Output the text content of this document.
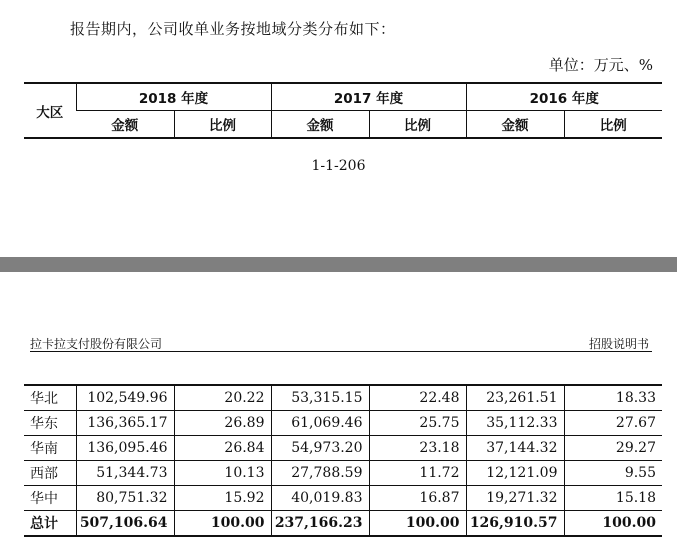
报告期内，公司收单业务按地域分类分布如下：
单位：万元、%
大区	2018 年度		2017 年度		2016 年度	
	金额	比例	金额	比例	金额	比例
1-1-206
拉卡拉支付股份有限公司	招股说明书
华北	102,549.96	20.22	53,315.15	22.48	23,261.51	18.33
华东	136,365.17	26.89	61,069.46	25.75	35,112.33	27.67
华南	136,095.46	26.84	54,973.20	23.18	37,144.32	29.27
西部	51,344.73	10.13	27,788.59	11.72	12,121.09	9.55
华中	80,751.32	15.92	40,019.83	16.87	19,271.32	15.18
总计	507,106.64	100.00	237,166.23	100.00	126,910.57	100.00
